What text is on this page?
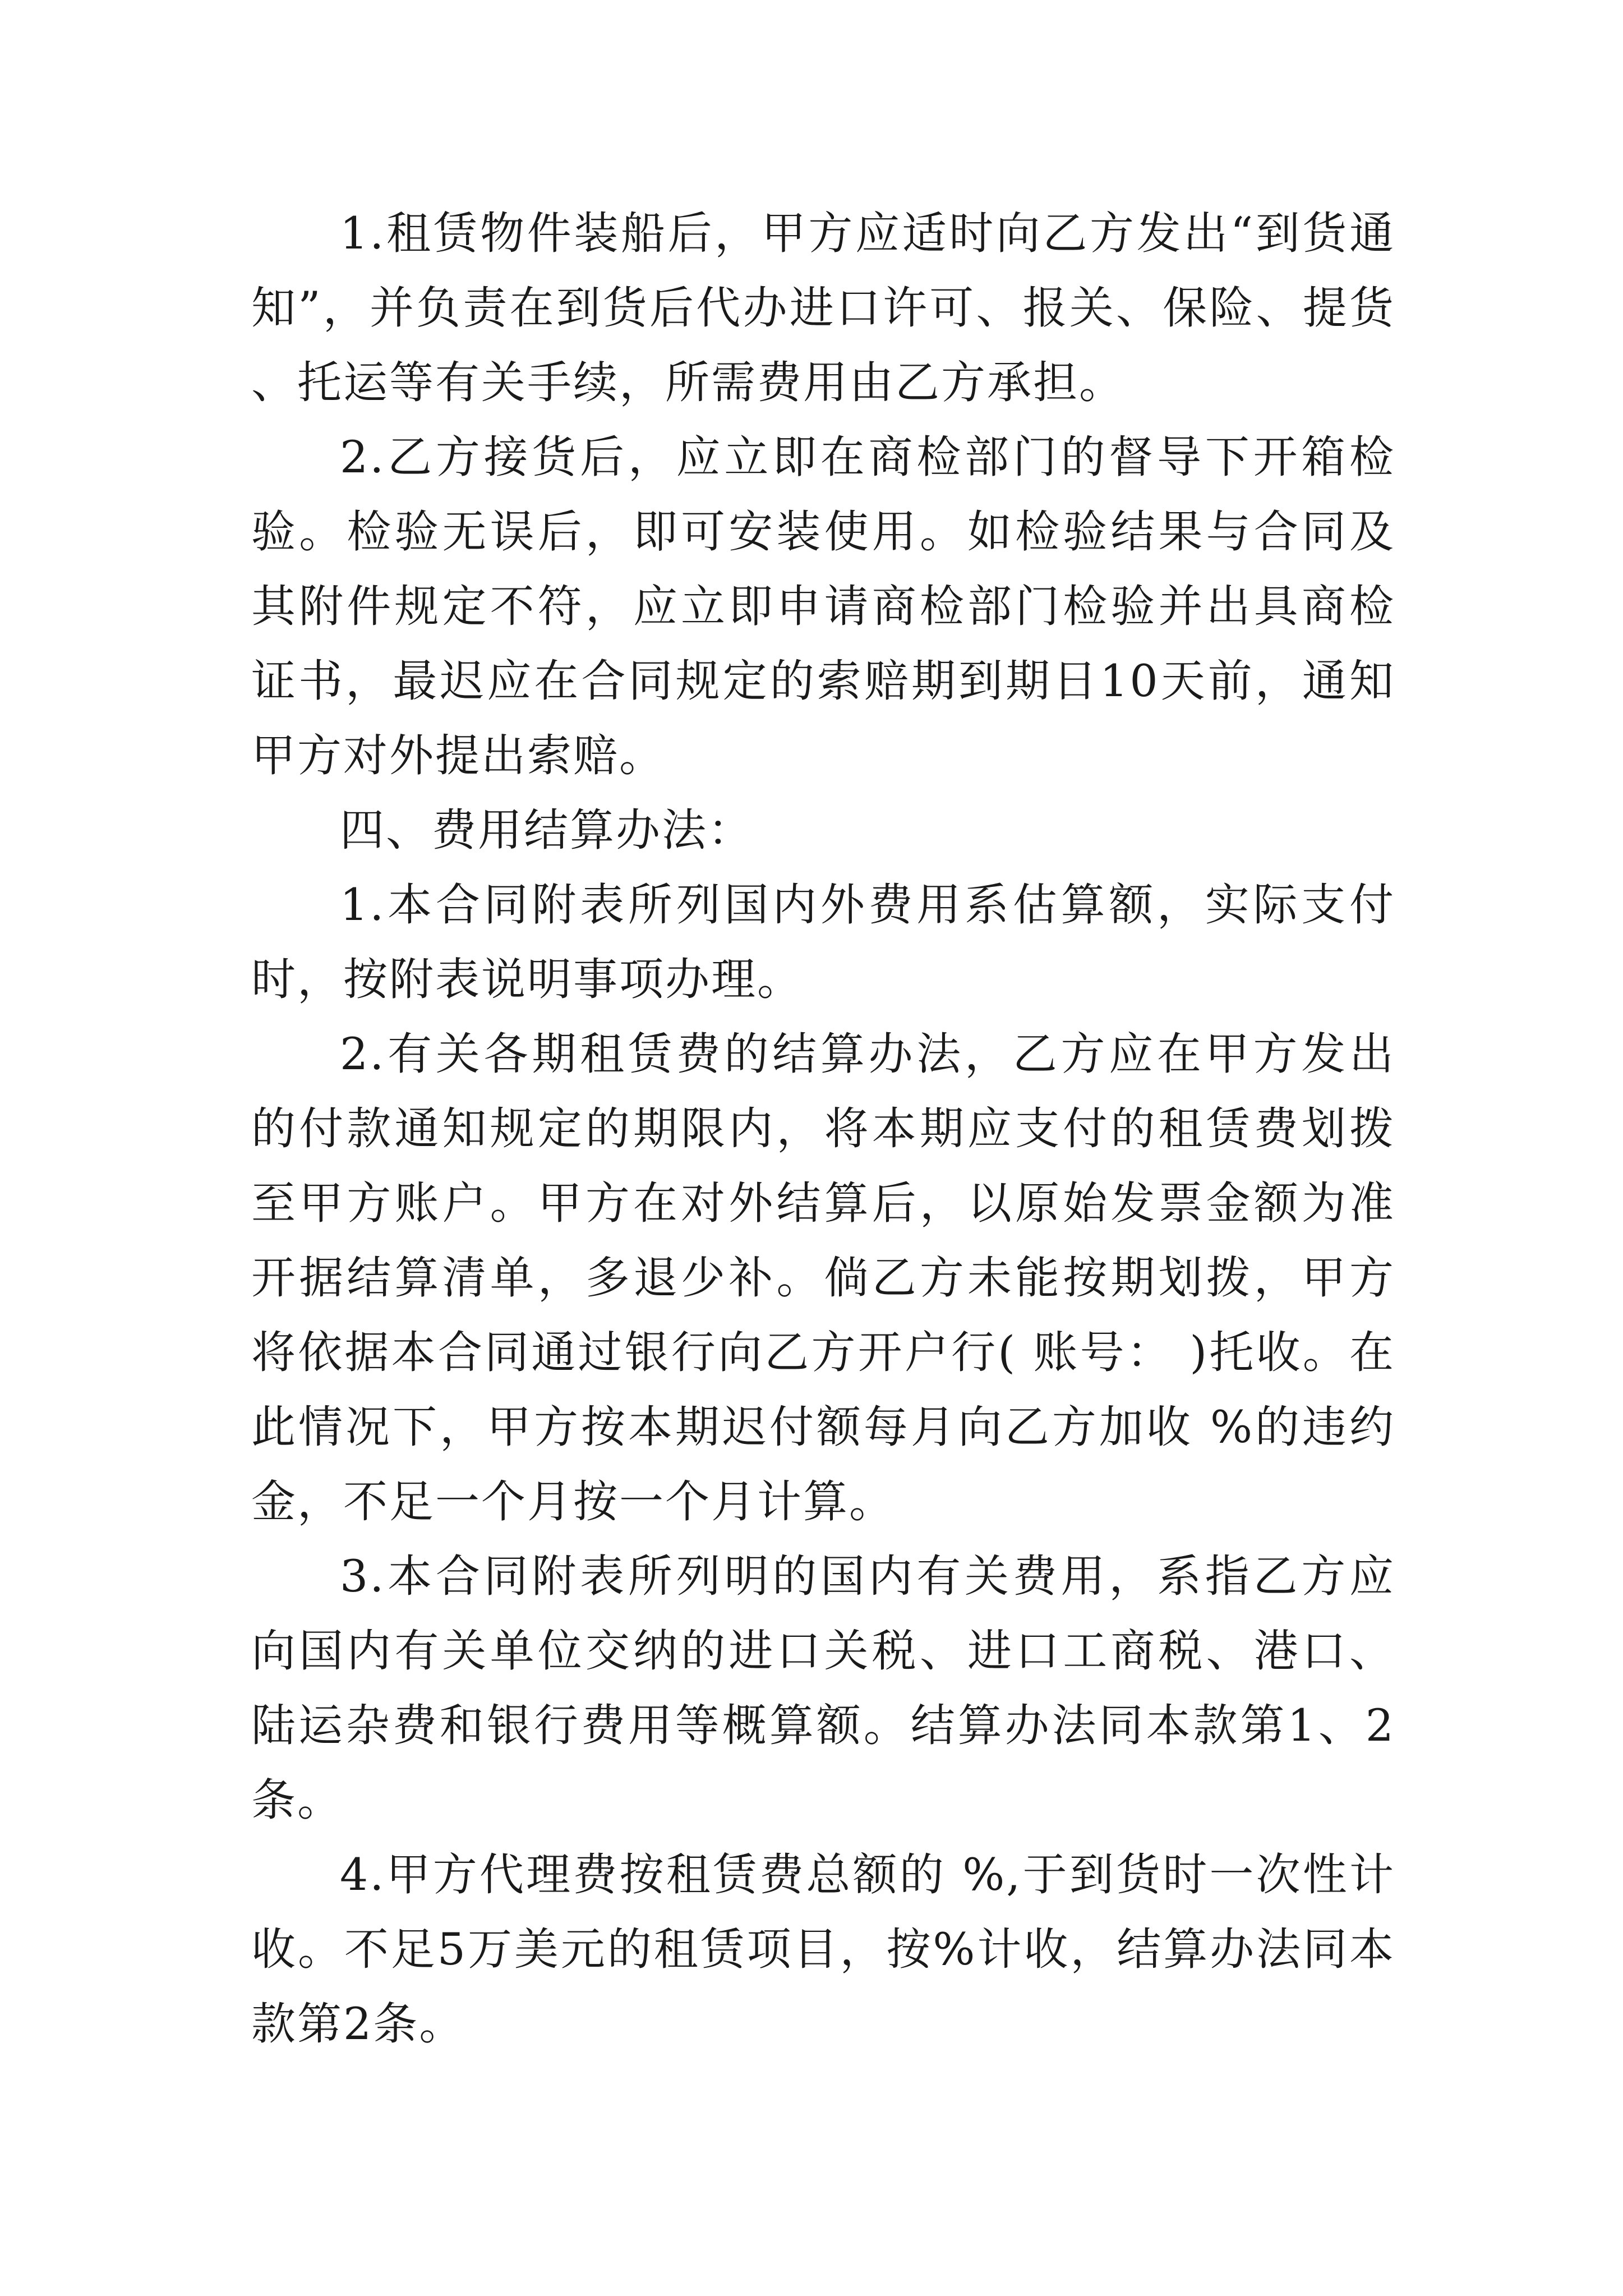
1.租赁物件装船后，甲方应适时向乙方发出“到货通知”，并负责在到货后代办进口许可、报关、保险、提货、托运等有关手续，所需费用由乙方承担。

2.乙方接货后，应立即在商检部门的督导下开箱检验。检验无误后，即可安装使用。如检验结果与合同及其附件规定不符，应立即申请商检部门检验并出具商检证书，最迟应在合同规定的索赔期到期日10天前，通知甲方对外提出索赔。

四、费用结算办法：

1.本合同附表所列国内外费用系估算额，实际支付时，按附表说明事项办理。

2.有关各期租赁费的结算办法，乙方应在甲方发出的付款通知规定的期限内，将本期应支付的租赁费划拨至甲方账户。甲方在对外结算后，以原始发票金额为准开据结算清单，多退少补。倘乙方未能按期划拨，甲方将依据本合同通过银行向乙方开户行( 账号： )托收。在此情况下，甲方按本期迟付额每月向乙方加收 %的违约金，不足一个月按一个月计算。

3.本合同附表所列明的国内有关费用，系指乙方应向国内有关单位交纳的进口关税、进口工商税、港口、陆运杂费和银行费用等概算额。结算办法同本款第1、2条。

4.甲方代理费按租赁费总额的 %,于到货时一次性计收。不足5万美元的租赁项目，按%计收，结算办法同本款第2条。
